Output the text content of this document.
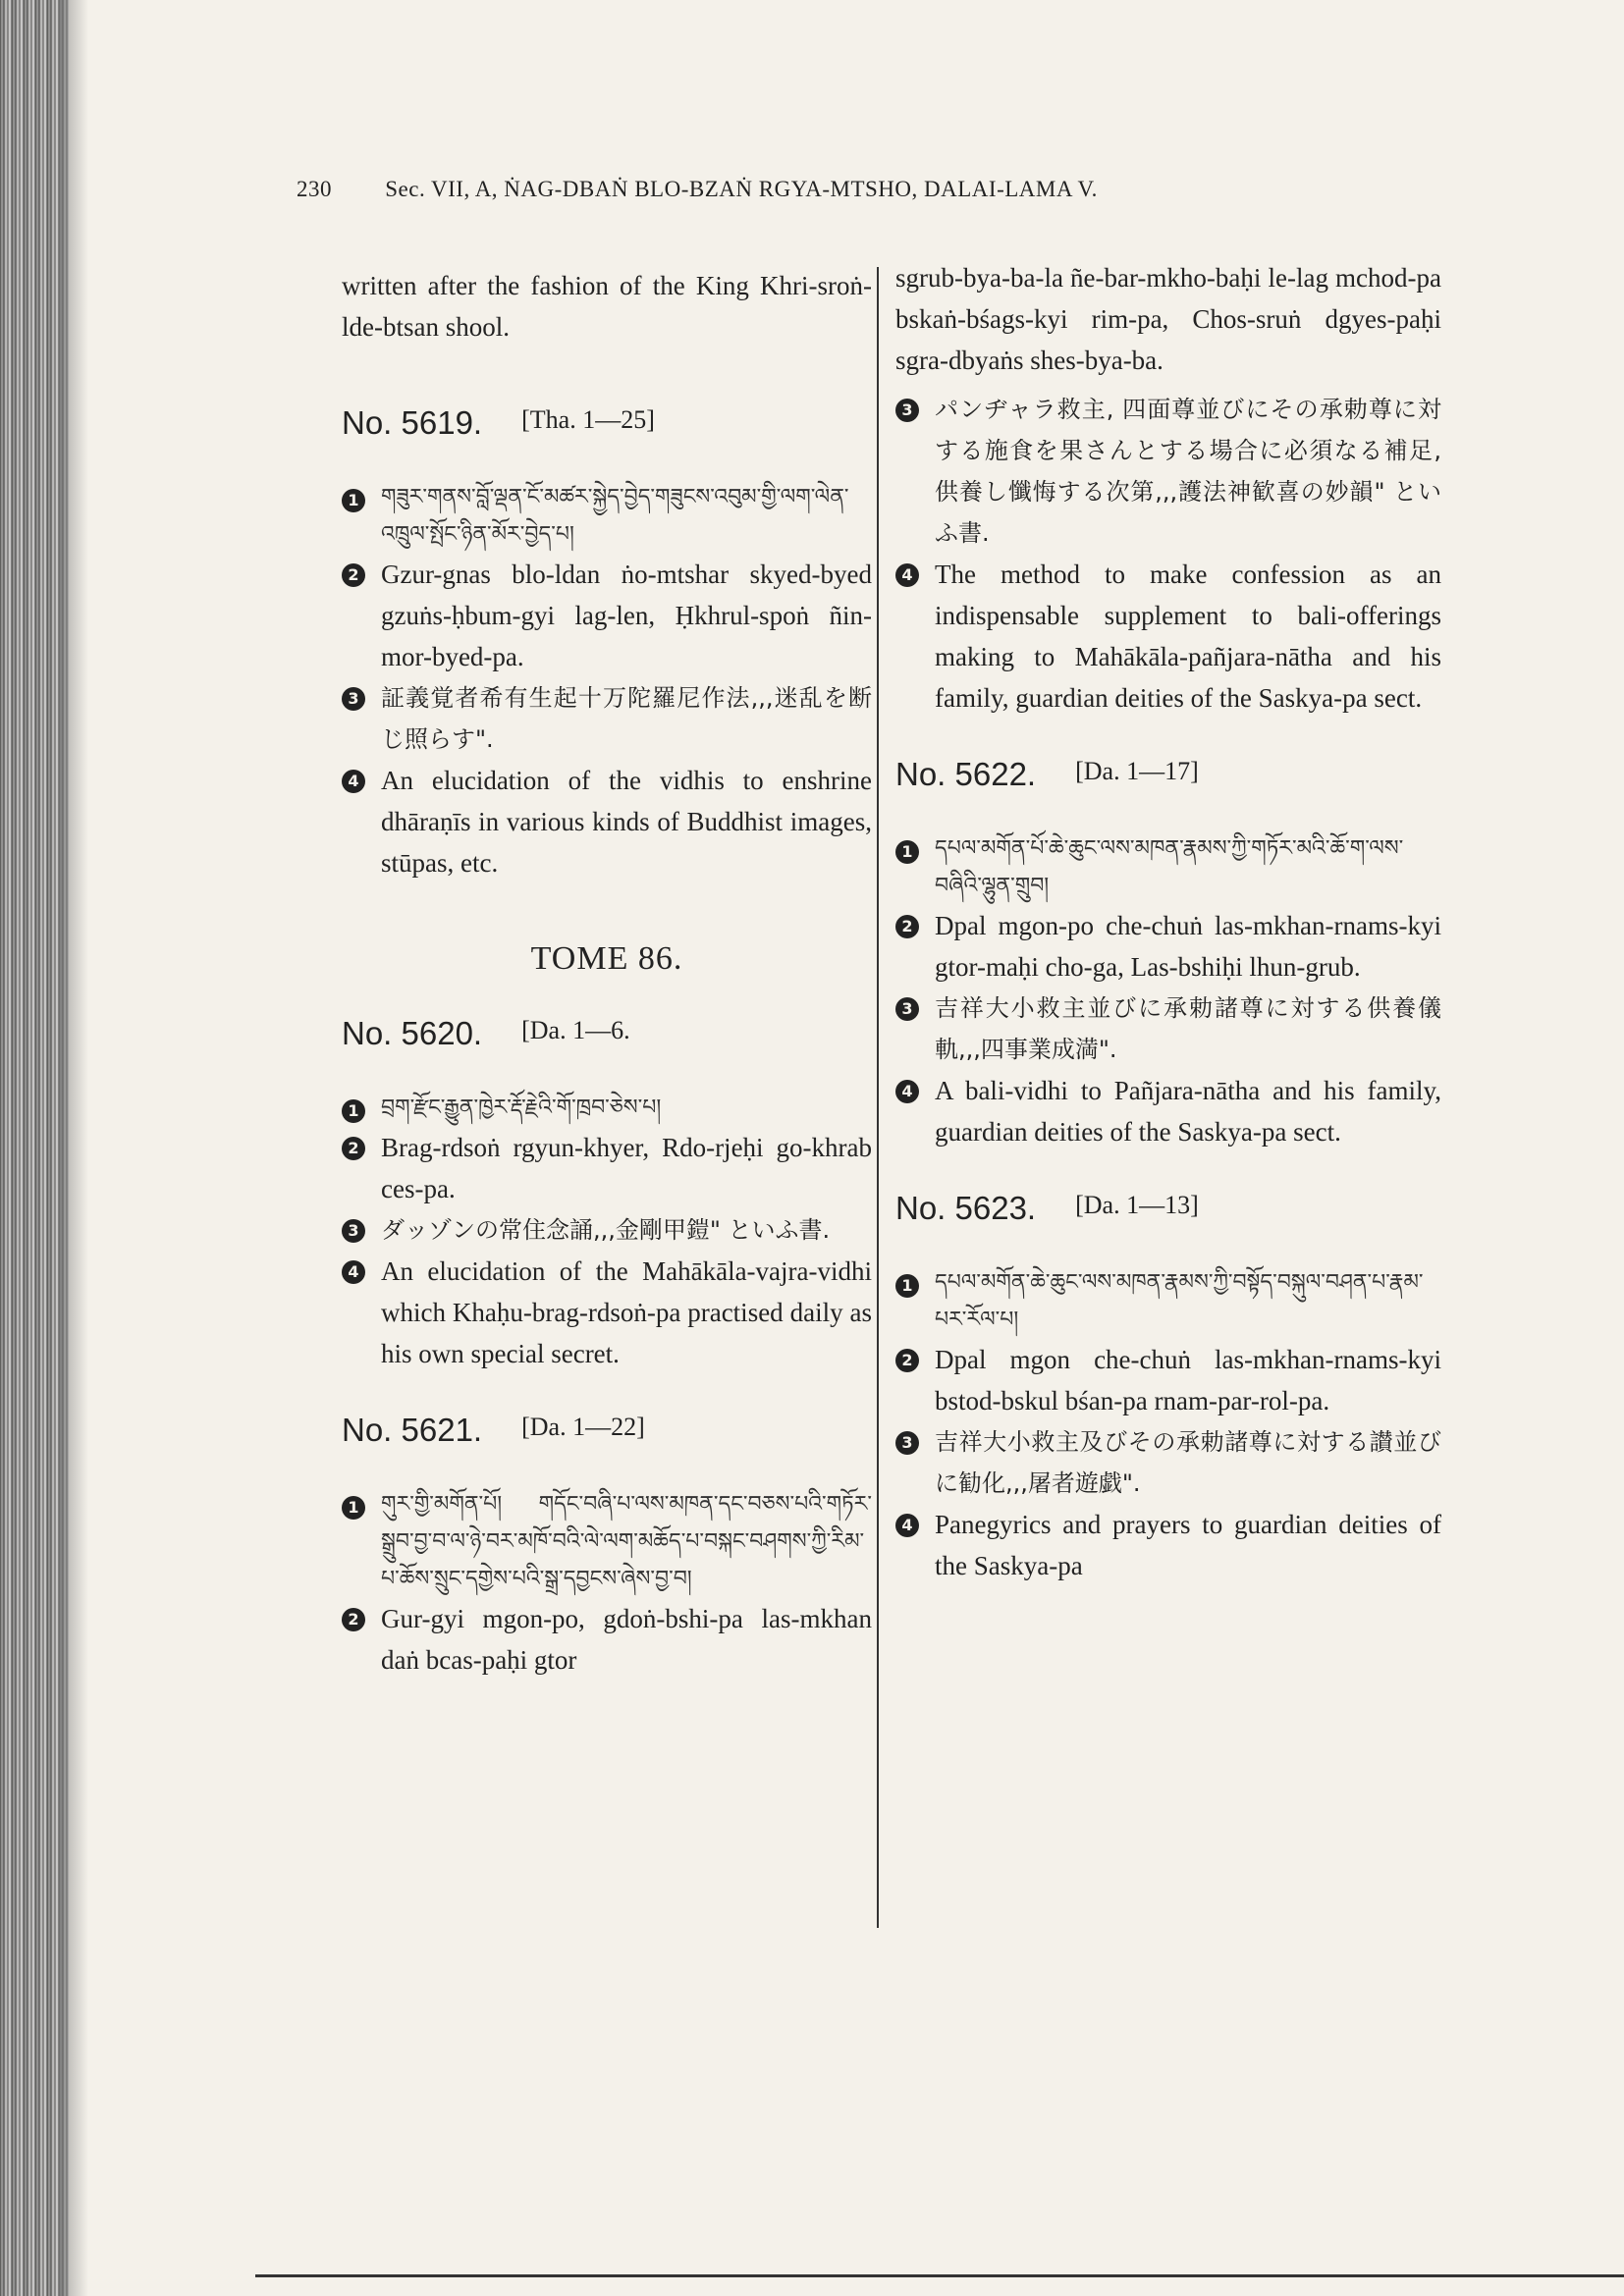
230 Sec. VII, A, ṄAG-DBAṄ BLO-BZAṄ RGYA-MTSHO, DALAI-LAMA V.

written after the fashion of the King Khri-sroṅ-lde-btsan shool.

No. 5619. [Tha. 1—25]

1 གཟུར་གནས་བློ་ལྡན་ངོ་མཚར་སྐྱེད་བྱེད་གཟུངས་འབུམ་གྱི་ལག་ལེན་འཁྲུལ་སྤོང་ཉིན་མོར་བྱེད་པ།
2 Gzur-gnas blo-ldan ṅo-mtshar skyed-byed gzuṅs-ḥbum-gyi lag-len, Ḥkhrul-spoṅ ñin-mor-byed-pa.
3 証義覚者希有生起十万陀羅尼作法,,,迷乱を断じ照らす".
4 An elucidation of the vidhis to enshrine dhāraṇīs in various kinds of Buddhist images, stūpas, etc.

TOME 86.

No. 5620. [Da. 1—6.

1 བྲག་རྫོང་རྒྱུན་ཁྱེར་རྡོ་རྗེའི་གོ་ཁྲབ་ཅེས་པ།
2 Brag-rdsoṅ rgyun-khyer, Rdo-rjeḥi go-khrab ces-pa.
3 ダッゾンの常住念誦,,,金剛甲鎧" といふ書.
4 An elucidation of the Mahākāla-vajra-vidhi which Khaḥu-brag-rdsoṅ-pa practised daily as his own special secret.

No. 5621. [Da. 1—22]

1 གུར་གྱི་མགོན་པོ། གདོང་བཞི་པ་ལས་མཁན་དང་བཅས་པའི་གཏོར་སྒྲུབ་བྱ་བ་ལ་ཉེ་བར་མཁོ་བའི་ལེ་ལག་མཆོད་པ་བསྐང་བཤགས་ཀྱི་རིམ་པ་ཆོས་སྲུང་དགྱེས་པའི་སྒྲ་དབྱངས་ཞེས་བྱ་བ།
2 Gur-gyi mgon-po, gdoṅ-bshi-pa las-mkhan daṅ bcas-paḥi gtor

sgrub-bya-ba-la ñe-bar-mkho-baḥi le-lag mchod-pa bskaṅ-bśags-kyi rim-pa, Chos-sruṅ dgyes-paḥi sgra-dbyaṅs shes-bya-ba.

3 パンヂャラ救主, 四面尊並びにその承勅尊に対する施食を果さんとする場合に必須なる補足, 供養し懺悔する次第,,,護法神歓喜の妙韻" といふ書.
4 The method to make confession as an indispensable supplement to bali-offerings making to Mahākāla-pañjara-nātha and his family, guardian deities of the Saskya-pa sect.

No. 5622. [Da. 1—17]

1 དཔལ་མགོན་པོ་ཆེ་ཆུང་ལས་མཁན་རྣམས་ཀྱི་གཏོར་མའི་ཆོ་ག་ལས་བཞིའི་ལྷུན་གྲུབ།
2 Dpal mgon-po che-chuṅ las-mkhan-rnams-kyi gtor-maḥi cho-ga, Las-bshiḥi lhun-grub.
3 吉祥大小救主並びに承勅諸尊に対する供養儀軌,,,四事業成満".
4 A bali-vidhi to Pañjara-nātha and his family, guardian deities of the Saskya-pa sect.

No. 5623. [Da. 1—13]

1 དཔལ་མགོན་ཆེ་ཆུང་ལས་མཁན་རྣམས་ཀྱི་བསྟོད་བསྐུལ་བཤན་པ་རྣམ་པར་རོལ་པ།
2 Dpal mgon che-chuṅ las-mkhan-rnams-kyi bstod-bskul bśan-pa rnam-par-rol-pa.
3 吉祥大小救主及びその承勅諸尊に対する讃並びに勧化,,,屠者遊戯".
4 Panegyrics and prayers to guardian deities of the Saskya-pa
